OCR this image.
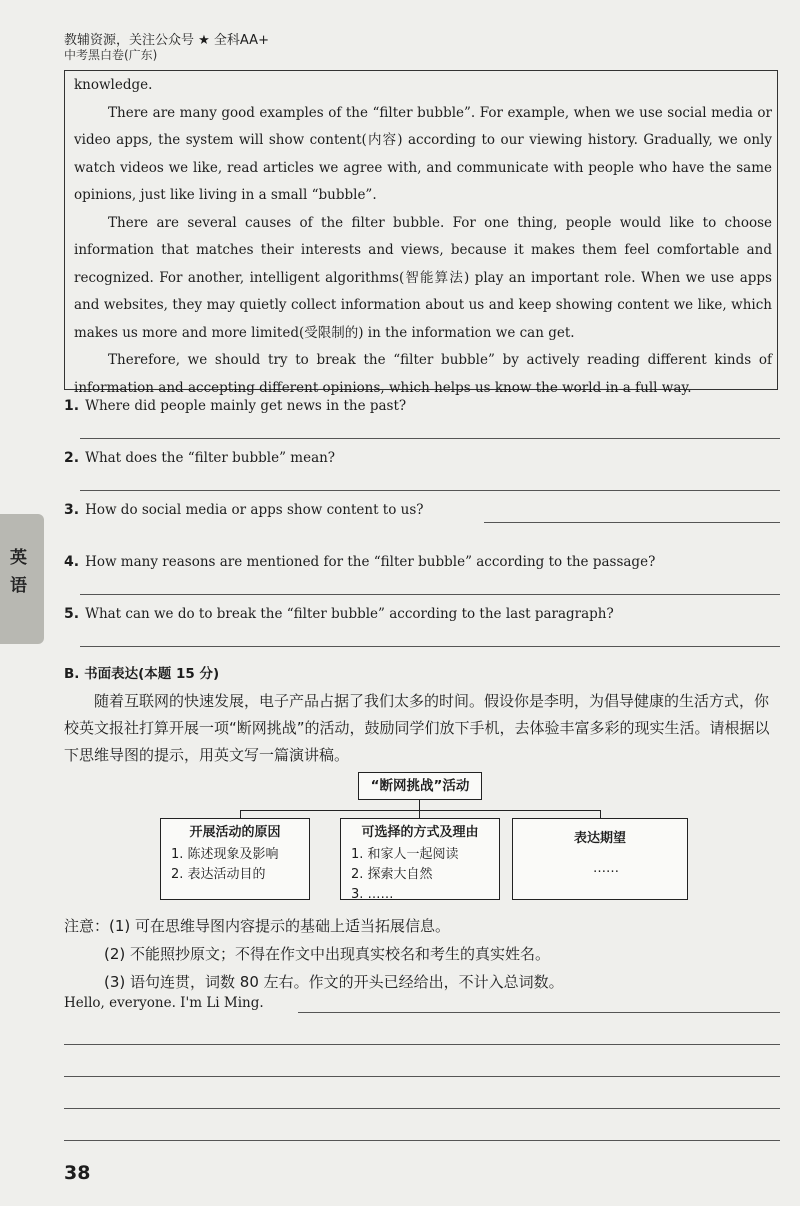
教辅资源，关注公众号 ★ 全科AA+
中考黑白卷(广东)

knowledge.

There are many good examples of the “filter bubble”. For example, when we use social media or video apps, the system will show content(内容) according to our viewing history. Gradually, we only watch videos we like, read articles we agree with, and communicate with people who have the same opinions, just like living in a small “bubble”.

There are several causes of the filter bubble. For one thing, people would like to choose information that matches their interests and views, because it makes them feel comfortable and recognized. For another, intelligent algorithms(智能算法) play an important role. When we use apps and websites, they may quietly collect information about us and keep showing content we like, which makes us more and more limited(受限制的) in the information we can get.

Therefore, we should try to break the “filter bubble” by actively reading different kinds of information and accepting different opinions, which helps us know the world in a full way.

1. Where did people mainly get news in the past?
2. What does the “filter bubble” mean?
3. How do social media or apps show content to us?
4. How many reasons are mentioned for the “filter bubble” according to the passage?
5. What can we do to break the “filter bubble” according to the last paragraph?
B. 书面表达(本题 15 分)

随着互联网的快速发展，电子产品占据了我们太多的时间。假设你是李明，为倡导健康的生活方式，你校英文报社打算开展一项“断网挑战”的活动，鼓励同学们放下手机，去体验丰富多彩的现实生活。请根据以下思维导图的提示，用英文写一篇演讲稿。

“断网挑战”活动
开展活动的原因
1. 陈述现象及影响
2. 表达活动目的
可选择的方式及理由
1. 和家人一起阅读
2. 探索大自然
3. ……
表达期望
……
注意：(1) 可在思维导图内容提示的基础上适当拓展信息。
(2) 不能照抄原文；不得在作文中出现真实校名和考生的真实姓名。
(3) 语句连贯，词数 80 左右。作文的开头已经给出，不计入总词数。
Hello, everyone. I'm Li Ming.
英
语
38
